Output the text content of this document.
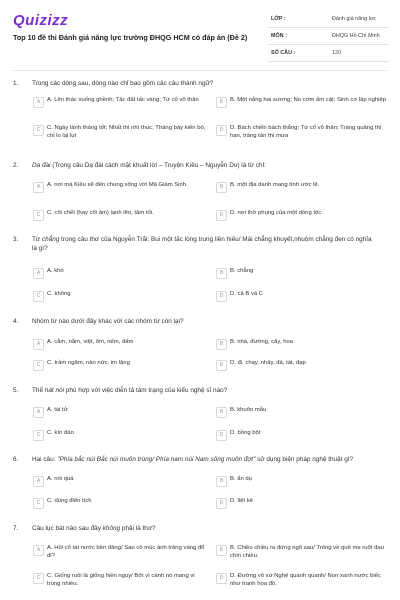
Quizizz
Top 10 đề thi Đánh giá năng lực trường ĐHQG HCM có đáp án (Đề 2)
LỚP :	Đánh giá năng lực
MÔN :	ĐHQG Hồ Chí Minh
SỐ CÂU :	120
1. Trong các dòng sau, dòng nào chỉ bao gồm các câu thành ngữ?
A	A. Lên thác xuống ghềnh; Tấc đất tấc vàng; Tứ cố vô thân	B	B. Một nắng hai sương; No cơm ấm cật; Sinh cơ lập nghiệp
C	C. Ngày lành tháng tốt; Nhất thì nhì thục; Tháng bảy kiến bò, chỉ lo lại lụt
D	D. Bách chiến bách thắng; Tứ cố vô thân; Tràng quăng thì hạn, tràng tán thì mưa
2. Dạ đài (Trong câu Dạ đài cách mặt khuất lời – Truyện Kiều – Nguyễn Du) là từ chỉ:
A	A. nơi mà Kiều sẽ đến chung sống với Mã Giám Sinh.	B	B. một địa danh mang tính ước lệ.
C	C. cõi chết (hay cõi âm) lạnh lẽo, tăm tối.	D	D. nơi thờ phụng của một dòng tộc.
3. Từ chẳng trong câu thơ của Nguyễn Trãi: Bui một tấc lòng trung liền hiếu/ Mài chẳng khuyết,nhuộm chẳng đen có nghĩa là gì?
A	A. khó	B	B. chẳng
C	C. không	D	D. cả B và C
4. Nhóm từ nào dưới đây khác với các nhóm từ còn lại?
A	A. cằm, nằm, việt, ôm, nếm, đấm	B	B. nhà, đường, cây, hoa
C	C. trầm ngâm, nào nức, im lặng	D	D. đi, chạy, nhảy, đá, tát, đạp
5. Thể hát nói phù hợp với việc diễn tả tâm trạng của kiểu nghệ sĩ nào?
A	A. tài tử	B	B. khuôn mẫu
C	C. kín đáo	D	D. bồng bột
6. Hai câu: "Phía bắc núi Bắc núi muôn trùng/ Phía nam núi Nam sông muôn đợt" sử dụng biện pháp nghệ thuật gì?
A	A. nói quá	B	B. ẩn dụ
C	C. dùng điển tích	D	D. liệt kê
7. Câu lục bát nào sau đây không phải là thơ?
A	A. Hồi cô tát nước bên đàng/ Sao cô múc ánh trăng vàng đổ đi?
B	B. Chiều chiều ra đứng ngõ sau/ Trông về quê mẹ ruột đau chín chiều.
C	C. Giống ruồi là giống hiền ngụy/ Bởi vì cánh nó mang vi trùng nhiều.
D	D. Đường vô xứ Nghệ quanh quanh/ Non xanh nước biếc như tranh họa đồ.
